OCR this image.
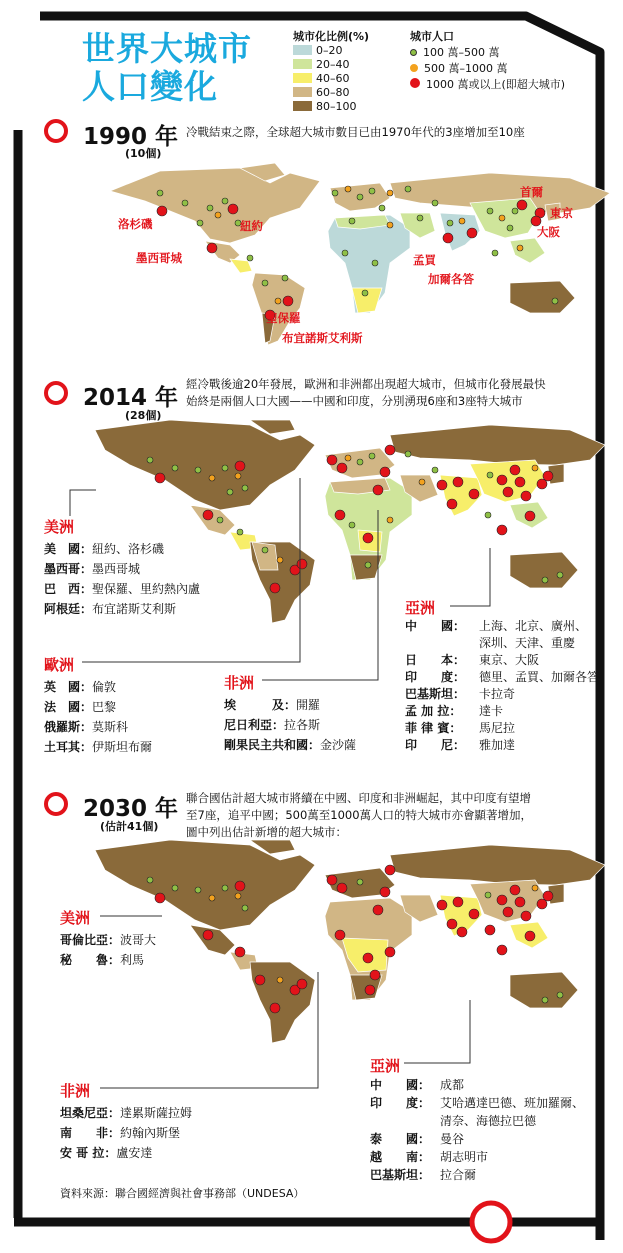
世界大城市
人口變化
城市化比例(%)
0–20
20–40
40–60
60–80
80–100
城市人口
100 萬–500 萬
500 萬–1000 萬
1000 萬或以上(即超大城市)
1990 年
(10個)
冷戰結束之際，全球超大城市數目已由1970年代的3座增加至10座
洛杉磯	紐約
墨西哥城
聖保羅
布宜諾斯艾利斯
首爾
東京
大阪
孟買
加爾各答
2014 年
(28個)
經冷戰後逾20年發展，歐洲和非洲都出現超大城市，但城市化發展最快
始終是兩個人口大國——中國和印度，分別湧現6座和3座特大城市
美洲
美　國：紐約、洛杉磯
墨西哥：墨西哥城
巴　西：聖保羅、里約熱內盧
阿根廷：布宜諾斯艾利斯
歐洲
英　國：倫敦
法　國：巴黎
俄羅斯：莫斯科
土耳其：伊斯坦布爾
非洲
埃　　　及：開羅
尼日利亞：拉各斯
剛果民主共和國：金沙薩
亞洲
中　　國： 上海、北京、廣州、
深圳、天津、重慶
日　　本： 東京、大阪
印　　度： 德里、孟買、加爾各答
巴基斯坦： 卡拉奇
孟 加 拉： 達卡
菲 律 賓： 馬尼拉
印　　尼： 雅加達
2030 年
(估計41個)
聯合國估計超大城市將續在中國、印度和非洲崛起，其中印度有望增
至7座，追平中國；500萬至1000萬人口的特大城市亦會顯著增加，
圖中列出估計新增的超大城市：
美洲
哥倫比亞：波哥大
秘　　魯：利馬
非洲
坦桑尼亞：達累斯薩拉姆
南　　非：約翰內斯堡
安 哥 拉：盧安達
亞洲
中　　國： 成都
印　　度： 艾哈邁達巴德、班加羅爾、
清奈、海德拉巴德
泰　　國： 曼谷
越　　南： 胡志明市
巴基斯坦： 拉合爾
資料來源：聯合國經濟與社會事務部（UNDESA）
